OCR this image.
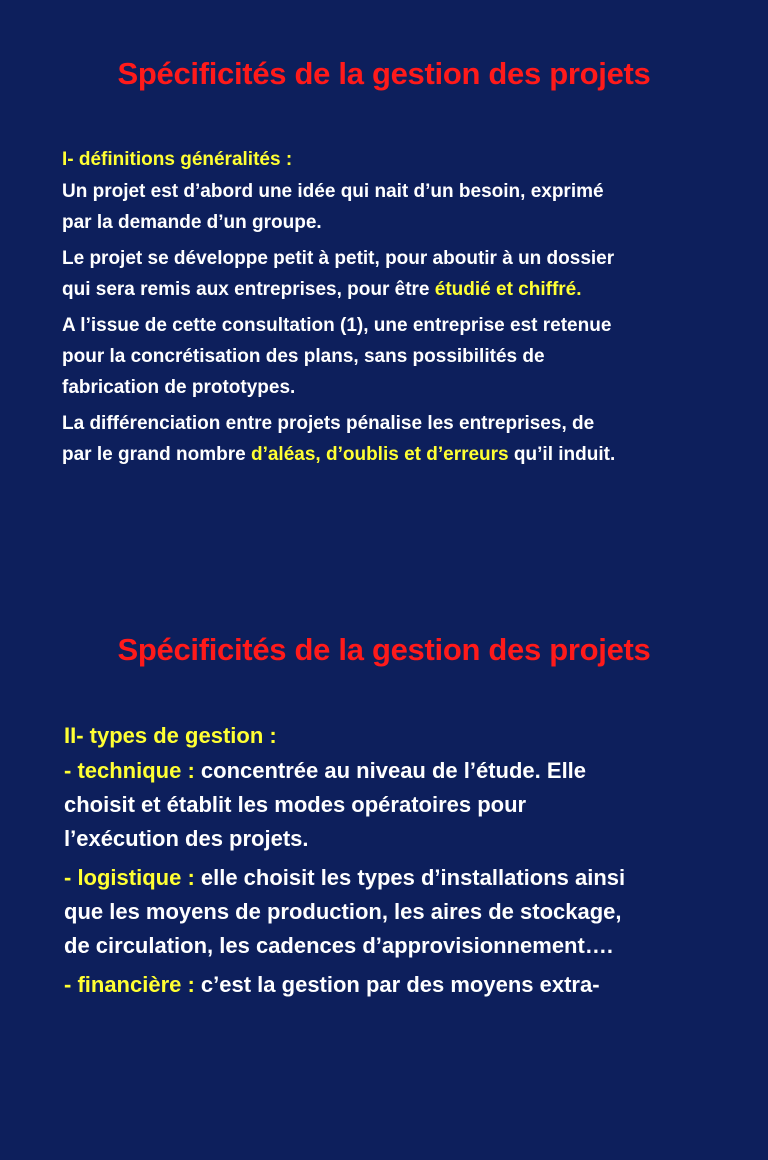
Spécificités de la gestion des projets
I- définitions généralités :
Un projet est d’abord une idée qui nait d’un besoin, exprimé
par la demande d’un groupe.
Le projet se développe petit à petit, pour aboutir à un dossier
qui sera remis aux entreprises, pour être étudié et chiffré.
A l’issue de cette consultation (1), une entreprise est retenue
pour la concrétisation des plans, sans possibilités de
fabrication de prototypes.
La différenciation entre projets pénalise les entreprises, de
par le grand nombre d’aléas, d’oublis et d’erreurs qu’il induit.
Spécificités de la gestion des projets
II- types de gestion :
- technique : concentrée au niveau de l’étude. Elle
choisit et établit les modes opératoires pour
l’exécution des projets.
- logistique : elle choisit les types d’installations ainsi
que les moyens de production, les aires de stockage,
de circulation, les cadences d’approvisionnement….
- financière : c’est la gestion par des moyens extra-
